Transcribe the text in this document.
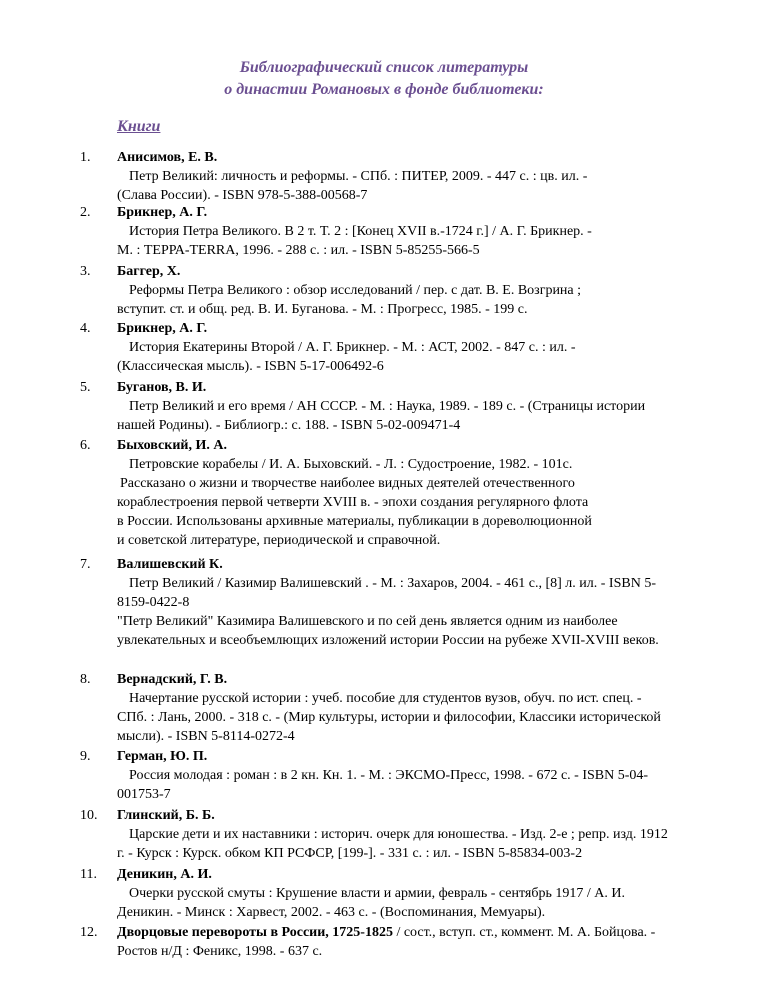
Библиографический список литературы
о династии Романовых в фонде библиотеки:
Книги
1. Анисимов, Е. В.
Петр Великий: личность и реформы. - СПб. : ПИТЕР, 2009. - 447 с. : цв. ил. -
(Слава России). - ISBN 978-5-388-00568-7
2. Брикнер, А. Г.
История Петра Великого. В 2 т. Т. 2 : [Конец XVII в.-1724 г.] / А. Г. Брикнер. -
М. : ТЕРРА-TERRA, 1996. - 288 с. : ил. - ISBN 5-85255-566-5
3. Баггер, Х.
Реформы Петра Великого : обзор исследований / пер. с дат. В. Е. Возгрина ;
вступит. ст. и общ. ред. В. И. Буганова. - М. : Прогресс, 1985. - 199 с.
4. Брикнер, А. Г.
История Екатерины Второй / А. Г. Брикнер. - М. : АСТ, 2002. - 847 с. : ил. -
(Классическая мысль). - ISBN 5-17-006492-6
5. Буганов, В. И.
Петр Великий и его время / АН СССР. - М. : Наука, 1989. - 189 с. - (Страницы истории
нашей Родины). - Библиогр.: с. 188. - ISBN 5-02-009471-4
6. Быховский, И. А.
Петровские корабелы / И. А. Быховский. - Л. : Судостроение, 1982. - 101с.
Рассказано о жизни и творчестве наиболее видных деятелей отечественного
кораблестроения первой четверти XVIII в. - эпохи создания регулярного флота
в России. Использованы архивные материалы, публикации в дореволюционной
и советской литературе, периодической и справочной.
7. Валишевский К.
Петр Великий / Казимир Валишевский . - М. : Захаров, 2004. - 461 с., [8] л. ил. - ISBN 5-
8159-0422-8
"Петр Великий" Казимира Валишевского и по сей день является одним из наиболее
увлекательных и всеобъемлющих изложений истории России на рубеже XVII-XVIII веков.
8. Вернадский, Г. В.
Начертание русской истории : учеб. пособие для студентов вузов, обуч. по ист. спец. -
СПб. : Лань, 2000. - 318 с. - (Мир культуры, истории и философии, Классики исторической
мысли). - ISBN 5-8114-0272-4
9. Герман, Ю. П.
Россия молодая : роман : в 2 кн. Кн. 1. - М. : ЭКСМО-Пресс, 1998. - 672 с. - ISBN 5-04-
001753-7
10. Глинский, Б. Б.
Царские дети и их наставники : историч. очерк для юношества. - Изд. 2-е ; репр. изд. 1912
г. - Курск : Курск. обком КП РСФСР, [199-]. - 331 с. : ил. - ISBN 5-85834-003-2
11. Деникин, А. И.
Очерки русской смуты : Крушение власти и армии, февраль - сентябрь 1917 / А. И.
Деникин. - Минск : Харвест, 2002. - 463 с. - (Воспоминания, Мемуары).
12. Дворцовые перевороты в России, 1725-1825 / сост., вступ. ст., коммент. М. А. Бойцова. -
Ростов н/Д : Феникс, 1998. - 637 с.
